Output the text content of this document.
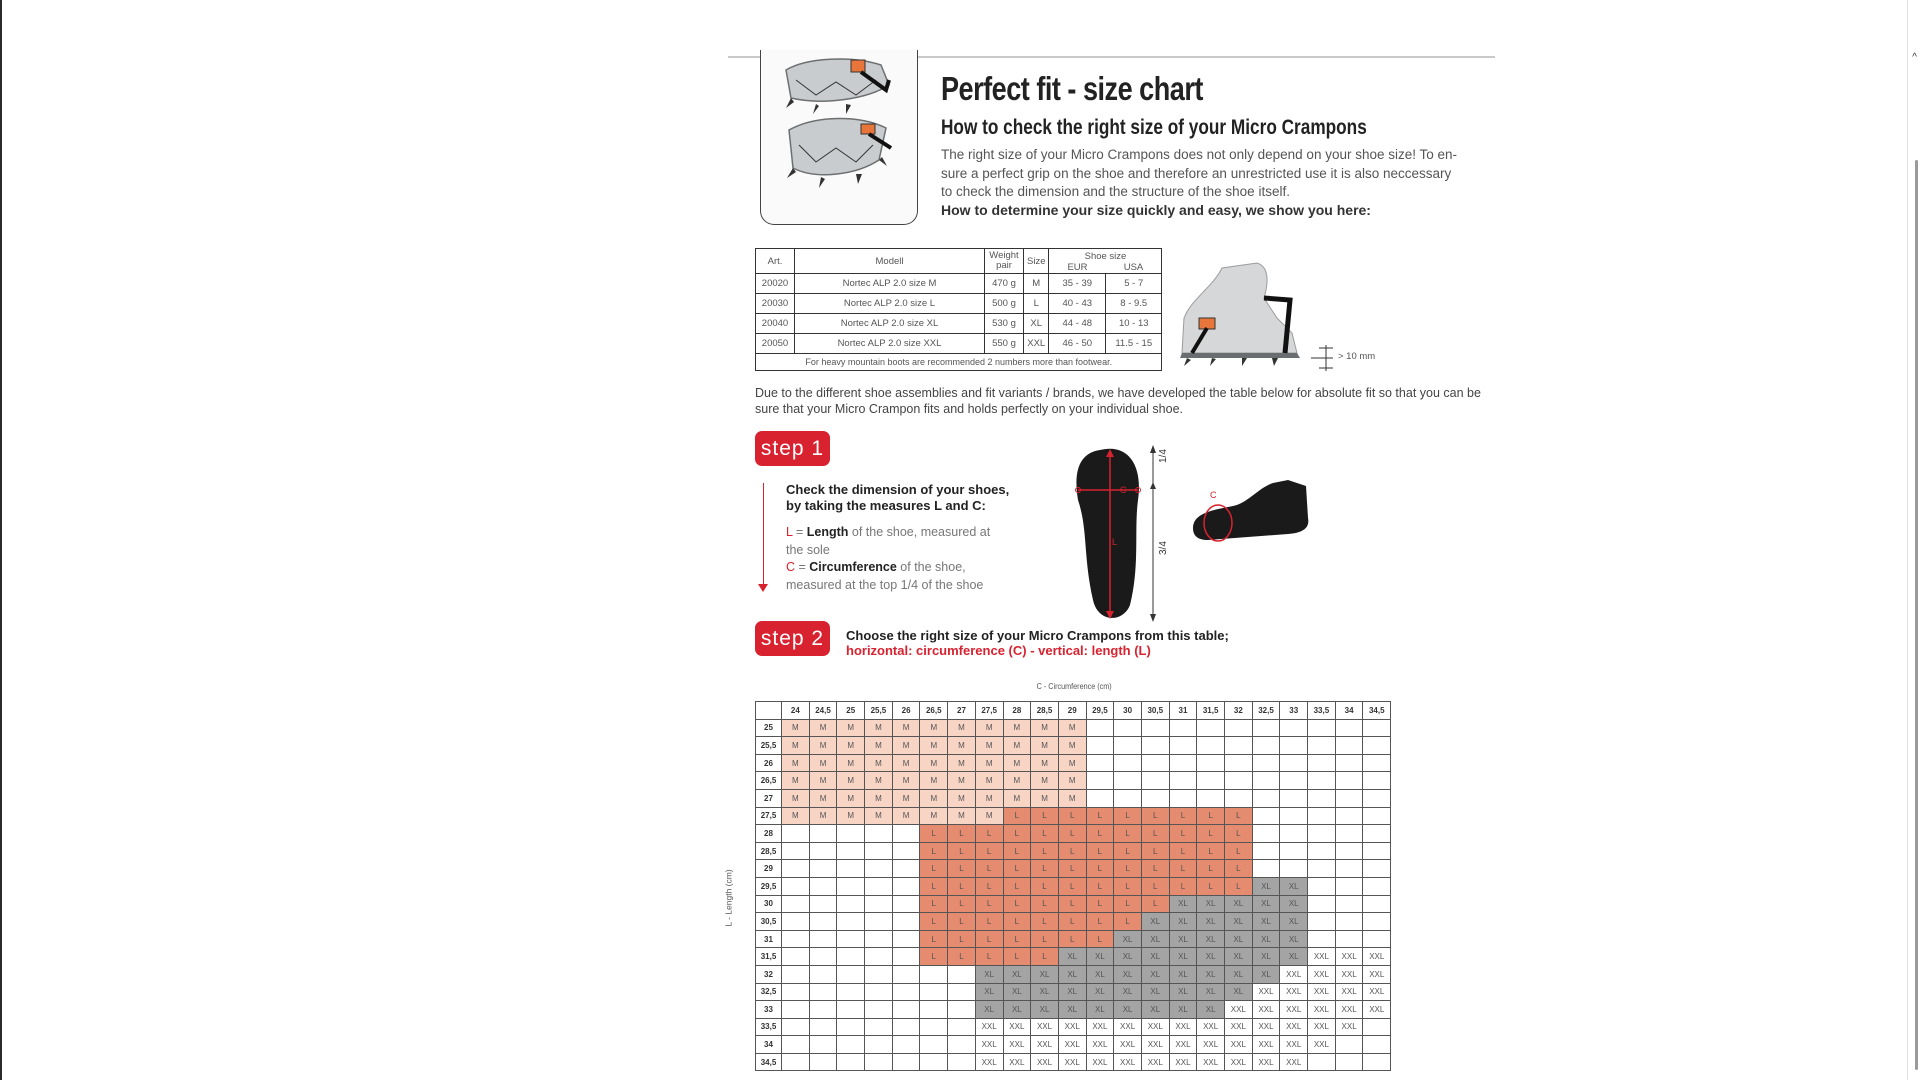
^
Perfect fit - size chart
How to check the right size of your Micro Crampons
The right size of your Micro Crampons does not only depend on your shoe size! To en-sure a perfect grip on the shoe and therefore an unrestricted use it is also neccessary to check the dimension and the structure of the shoe itself.
How to determine your size quickly and easy, we show you here:
Art.	Modell	Weight pair	Size	Shoe size	
				EUR	USA
20020	Nortec ALP 2.0 size M	470 g	M	35 - 39	5 - 7
20030	Nortec ALP 2.0 size L	500 g	L	40 - 43	8 - 9.5
20040	Nortec ALP 2.0 size XL	530 g	XL	44 - 48	10 - 13
20050	Nortec ALP 2.0 size XXL	550 g	XXL	46 - 50	11.5 - 15
For heavy mountain boots are recommended 2 numbers more than footwear.						> 10 mm
Due to the different shoe assemblies and fit variants / brands, we have developed the table below for absolute fit so that you can be sure that your Micro Crampon fits and holds perfectly on your individual shoe.
step 1
Check the dimension of your shoes, by taking the measures L and C:
L = Length of the shoe, measured at the sole
C = Circumference of the shoe, measured at the top 1/4 of the shoe
C
L
1/4
3/4
C
step 2	Choose the right size of your Micro Crampons from this table;
horizontal: circumference (C) - vertical: length (L)
C - Circumference (cm)
L - Length (cm)
	24	24,5	25	25,5	26	26,5	27	27,5	28	28,5	29	29,5	30	30,5	31	31,5	32	32,5	33	33,5	34	34,5
25	M	M	M	M	M	M	M	M	M	M	M											
25,5	M	M	M	M	M	M	M	M	M	M	M											
26	M	M	M	M	M	M	M	M	M	M	M											
26,5	M	M	M	M	M	M	M	M	M	M	M											
27	M	M	M	M	M	M	M	M	M	M	M											
27,5	M	M	M	M	M	M	M	M	L	L	L	L	L	L	L	L	L					
28						L	L	L	L	L	L	L	L	L	L	L	L					
28,5						L	L	L	L	L	L	L	L	L	L	L	L					
29						L	L	L	L	L	L	L	L	L	L	L	L					
29,5						L	L	L	L	L	L	L	L	L	L	L	L	XL	XL			
30						L	L	L	L	L	L	L	L	L	XL	XL	XL	XL	XL			
30,5						L	L	L	L	L	L	L	L	XL	XL	XL	XL	XL	XL			
31						L	L	L	L	L	L	L	XL	XL	XL	XL	XL	XL	XL			
31,5						L	L	L	L	L	XL	XL	XL	XL	XL	XL	XL	XL	XL	XXL	XXL	XXL
32								XL	XL	XL	XL	XL	XL	XL	XL	XL	XL	XL	XXL	XXL	XXL	XXL
32,5								XL	XL	XL	XL	XL	XL	XL	XL	XL	XL	XXL	XXL	XXL	XXL	XXL
33								XL	XL	XL	XL	XL	XL	XL	XL	XL	XXL	XXL	XXL	XXL	XXL	XXL
33,5								XXL	XXL	XXL	XXL	XXL	XXL	XXL	XXL	XXL	XXL	XXL	XXL	XXL	XXL	
34								XXL	XXL	XXL	XXL	XXL	XXL	XXL	XXL	XXL	XXL	XXL	XXL	XXL		
34,5								XXL	XXL	XXL	XXL	XXL	XXL	XXL	XXL	XXL	XXL	XXL	XXL			
